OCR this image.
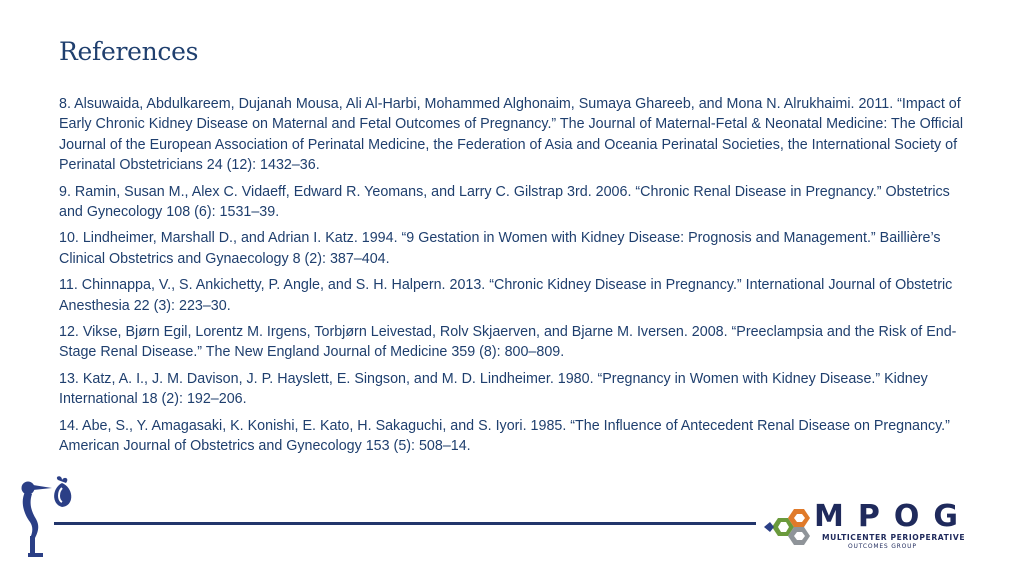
References

8. Alsuwaida, Abdulkareem, Dujanah Mousa, Ali Al-Harbi, Mohammed Alghonaim, Sumaya Ghareeb, and Mona N. Alrukhaimi. 2011. “Impact of Early Chronic Kidney Disease on Maternal and Fetal Outcomes of Pregnancy.” The Journal of Maternal-Fetal & Neonatal Medicine: The Official Journal of the European Association of Perinatal Medicine, the Federation of Asia and Oceania Perinatal Societies, the International Society of Perinatal Obstetricians 24 (12): 1432–36.

9. Ramin, Susan M., Alex C. Vidaeff, Edward R. Yeomans, and Larry C. Gilstrap 3rd. 2006. “Chronic Renal Disease in Pregnancy.” Obstetrics and Gynecology 108 (6): 1531–39.

10. Lindheimer, Marshall D., and Adrian I. Katz. 1994. “9 Gestation in Women with Kidney Disease: Prognosis and Management.” Baillière’s Clinical Obstetrics and Gynaecology 8 (2): 387–404.

11. Chinnappa, V., S. Ankichetty, P. Angle, and S. H. Halpern. 2013. “Chronic Kidney Disease in Pregnancy.” International Journal of Obstetric Anesthesia 22 (3): 223–30.

12. Vikse, Bjørn Egil, Lorentz M. Irgens, Torbjørn Leivestad, Rolv Skjaerven, and Bjarne M. Iversen. 2008. “Preeclampsia and the Risk of End-Stage Renal Disease.” The New England Journal of Medicine 359 (8): 800–809.

13. Katz, A. I., J. M. Davison, J. P. Hayslett, E. Singson, and M. D. Lindheimer. 1980. “Pregnancy in Women with Kidney Disease.” Kidney International 18 (2): 192–206.

14. Abe, S., Y. Amagasaki, K. Konishi, E. Kato, H. Sakaguchi, and S. Iyori. 1985. “The Influence of Antecedent Renal Disease on Pregnancy.” American Journal of Obstetrics and Gynecology 153 (5): 508–14.

MPOG
MULTICENTER PERIOPERATIVE
OUTCOMES GROUP
